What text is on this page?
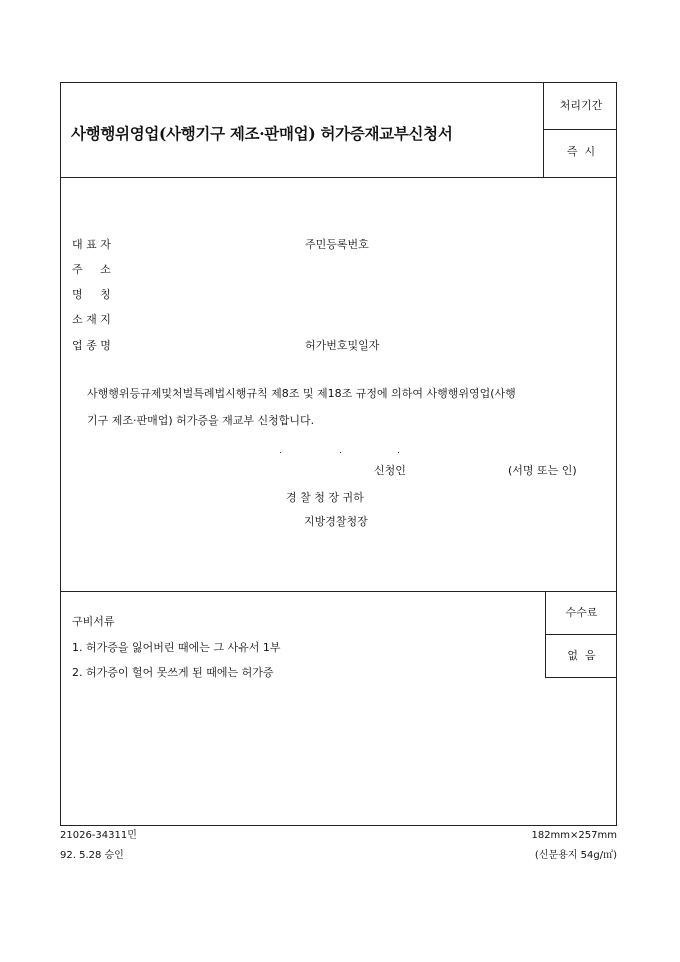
사행행위영업(사행기구 제조·판매업) 허가증재교부신청서
처리기간
즉  시
대 표 자	주민등록번호
주     소
명     칭
소 재 지
업 종 명	허가번호및일자
사행행위등규제및처벌특례법시행규칙 제8조 및 제18조 규정에 의하여 사행행위영업(사행
기구 제조·판매업) 허가증을 재교부 신청합니다.
.	.	.
신청인	(서명 또는 인)
경 찰 청 장 귀하
지방경찰청장
구비서류
1. 허가증을 잃어버린 때에는 그 사유서 1부
2. 허가증이 헐어 못쓰게 된 때에는 허가증
수수료
없  음
21026-34311민
92. 5.28 승인
182mm×257mm
(신문용지 54g/㎡)
